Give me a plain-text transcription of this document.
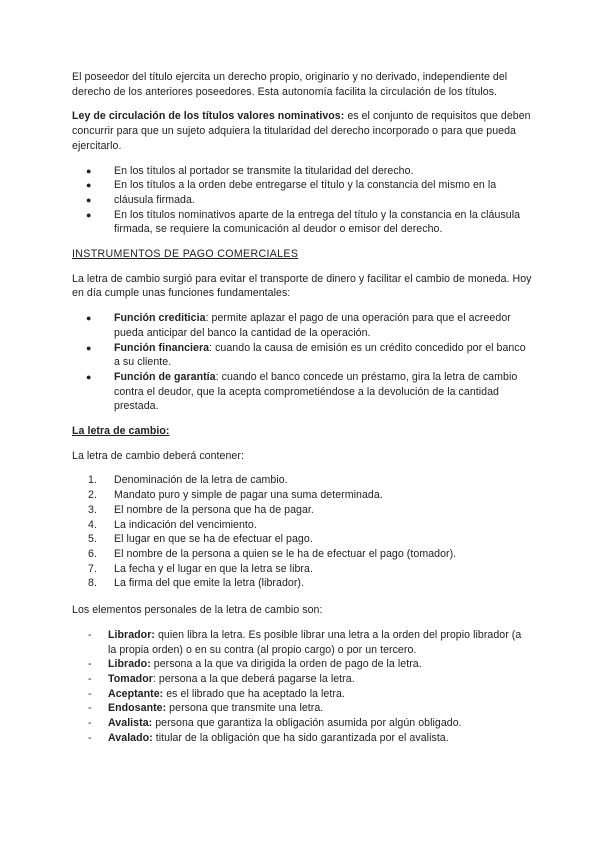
El poseedor del título ejercita un derecho propio, originario y no derivado, independiente del derecho de los anteriores poseedores. Esta autonomía facilita la circulación de los títulos.

Ley de circulación de los títulos valores nominativos: es el conjunto de requisitos que deben concurrir para que un sujeto adquiera la titularidad del derecho incorporado o para que pueda ejercitarlo.

● En los títulos al portador se transmite la titularidad del derecho.
● En los títulos a la orden debe entregarse el título y la constancia del mismo en la
● cláusula firmada.
● En los títulos nominativos aparte de la entrega del título y la constancia en la cláusula firmada, se requiere la comunicación al deudor o emisor del derecho.

INSTRUMENTOS DE PAGO COMERCIALES

La letra de cambio surgió para evitar el transporte de dinero y facilitar el cambio de moneda. Hoy en día cumple unas funciones fundamentales:

● Función crediticia: permite aplazar el pago de una operación para que el acreedor pueda anticipar del banco la cantidad de la operación.
● Función financiera: cuando la causa de emisión es un crédito concedido por el banco a su cliente.
● Función de garantía: cuando el banco concede un préstamo, gira la letra de cambio contra el deudor, que la acepta comprometiéndose a la devolución de la cantidad prestada.

La letra de cambio:

La letra de cambio deberá contener:

1. Denominación de la letra de cambio.
2. Mandato puro y simple de pagar una suma determinada.
3. El nombre de la persona que ha de pagar.
4. La indicación del vencimiento.
5. El lugar en que se ha de efectuar el pago.
6. El nombre de la persona a quien se le ha de efectuar el pago (tomador).
7. La fecha y el lugar en que la letra se libra.
8. La firma del que emite la letra (librador).

Los elementos personales de la letra de cambio son:

- Librador: quien libra la letra. Es posible librar una letra a la orden del propio librador (a la propia orden) o en su contra (al propio cargo) o por un tercero.
- Librado: persona a la que va dirigida la orden de pago de la letra.
- Tomador: persona a la que deberá pagarse la letra.
- Aceptante: es el librado que ha aceptado la letra.
- Endosante: persona que transmite una letra.
- Avalista: persona que garantiza la obligación asumida por algún obligado.
- Avalado: titular de la obligación que ha sido garantizada por el avalista.
